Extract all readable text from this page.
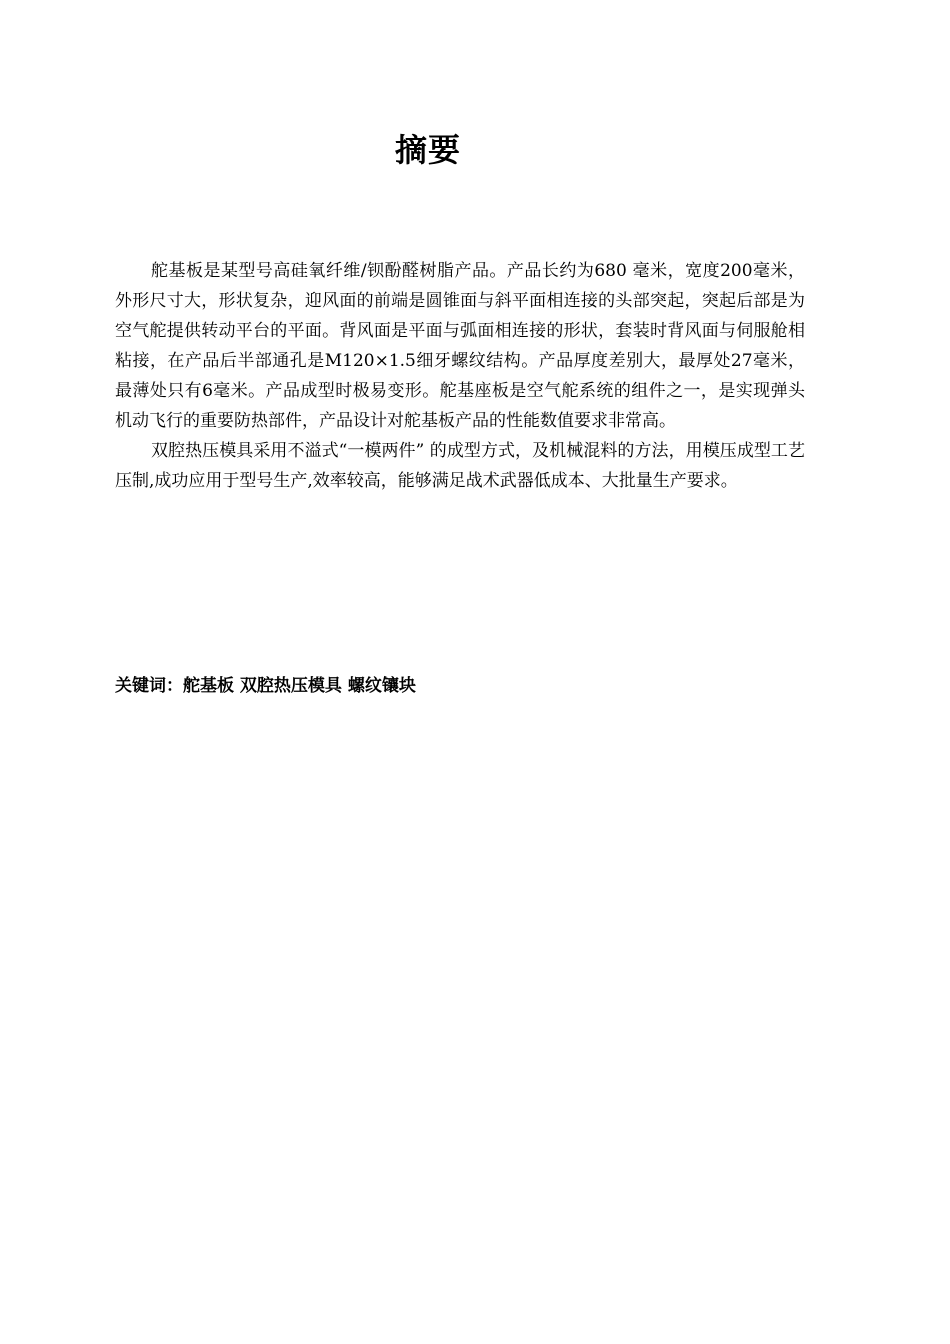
摘要

舵基板是某型号高硅氧纤维/钡酚醛树脂产品。产品长约为680 毫米，宽度200毫米，外形尺寸大，形状复杂，迎风面的前端是圆锥面与斜平面相连接的头部突起，突起后部是为空气舵提供转动平台的平面。背风面是平面与弧面相连接的形状，套装时背风面与伺服舱相粘接，在产品后半部通孔是M120×1.5细牙螺纹结构。产品厚度差别大，最厚处27毫米，最薄处只有6毫米。产品成型时极易变形。舵基座板是空气舵系统的组件之一，是实现弹头机动飞行的重要防热部件，产品设计对舵基板产品的性能数值要求非常高。

双腔热压模具采用不溢式“一模两件” 的成型方式，及机械混料的方法，用模压成型工艺压制,成功应用于型号生产,效率较高，能够满足战术武器低成本、大批量生产要求。

关键词：舵基板 双腔热压模具 螺纹镶块
